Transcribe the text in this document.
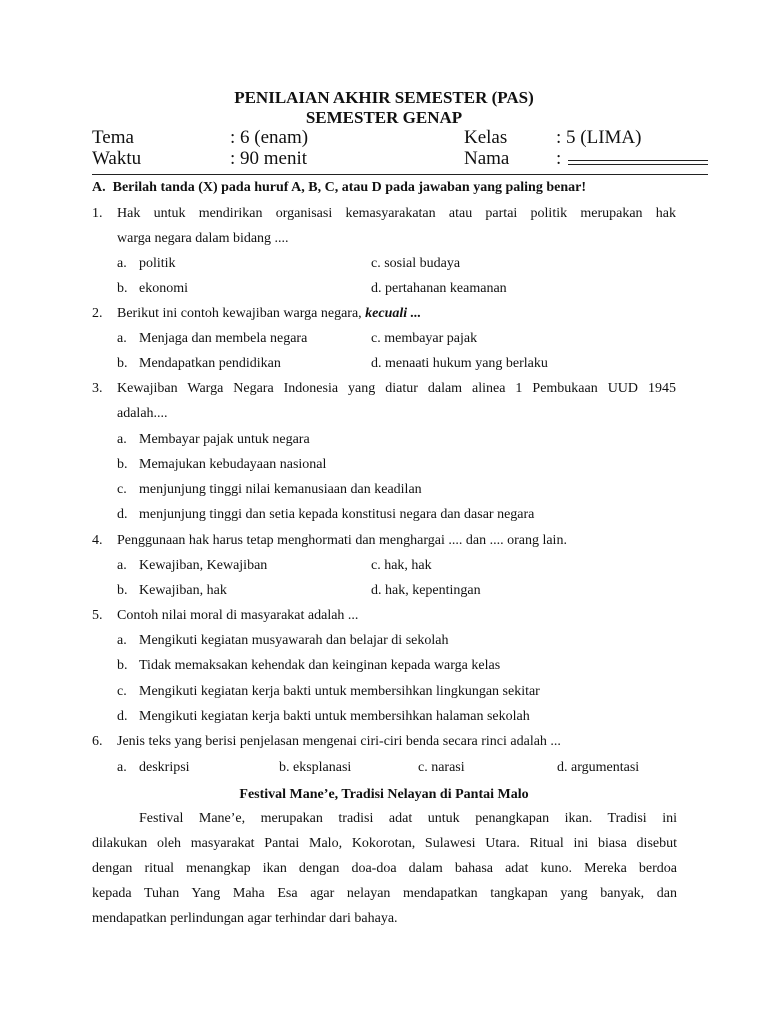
PENILAIAN AKHIR SEMESTER (PAS)
SEMESTER GENAP
Tema	: 6 (enam)	Kelas	: 5 (LIMA)
Waktu	: 90 menit	Nama :
A. Berilah tanda (X) pada huruf A, B, C, atau D pada jawaban yang paling benar!
1. Hak untuk mendirikan organisasi kemasyarakatan atau partai politik merupakan hak
warga negara dalam bidang ....
a. politik	c. sosial budaya
b. ekonomi	d. pertahanan keamanan
2. Berikut ini contoh kewajiban warga negara, kecuali ...
a. Menjaga dan membela negara	c. membayar pajak
b. Mendapatkan pendidikan	d. menaati hukum yang berlaku
3. Kewajiban Warga Negara Indonesia yang diatur dalam alinea 1 Pembukaan UUD 1945
adalah....
a. Membayar pajak untuk negara
b. Memajukan kebudayaan nasional
c. menjunjung tinggi nilai kemanusiaan dan keadilan
d. menjunjung tinggi dan setia kepada konstitusi negara dan dasar negara
4. Penggunaan hak harus tetap menghormati dan menghargai .... dan .... orang lain.
a. Kewajiban, Kewajiban	c. hak, hak
b. Kewajiban, hak	d. hak, kepentingan
5. Contoh nilai moral di masyarakat adalah ...
a. Mengikuti kegiatan musyawarah dan belajar di sekolah
b. Tidak memaksakan kehendak dan keinginan kepada warga kelas
c. Mengikuti kegiatan kerja bakti untuk membersihkan lingkungan sekitar
d. Mengikuti kegiatan kerja bakti untuk membersihkan halaman sekolah
6. Jenis teks yang berisi penjelasan mengenai ciri-ciri benda secara rinci adalah ...
a. deskripsi	b. eksplanasi	c. narasi	d. argumentasi
Festival Mane’e, Tradisi Nelayan di Pantai Malo
Festival Mane’e, merupakan tradisi adat untuk penangkapan ikan. Tradisi ini
dilakukan oleh masyarakat Pantai Malo, Kokorotan, Sulawesi Utara. Ritual ini biasa disebut
dengan ritual menangkap ikan dengan doa-doa dalam bahasa adat kuno. Mereka berdoa
kepada Tuhan Yang Maha Esa agar nelayan mendapatkan tangkapan yang banyak, dan
mendapatkan perlindungan agar terhindar dari bahaya.
